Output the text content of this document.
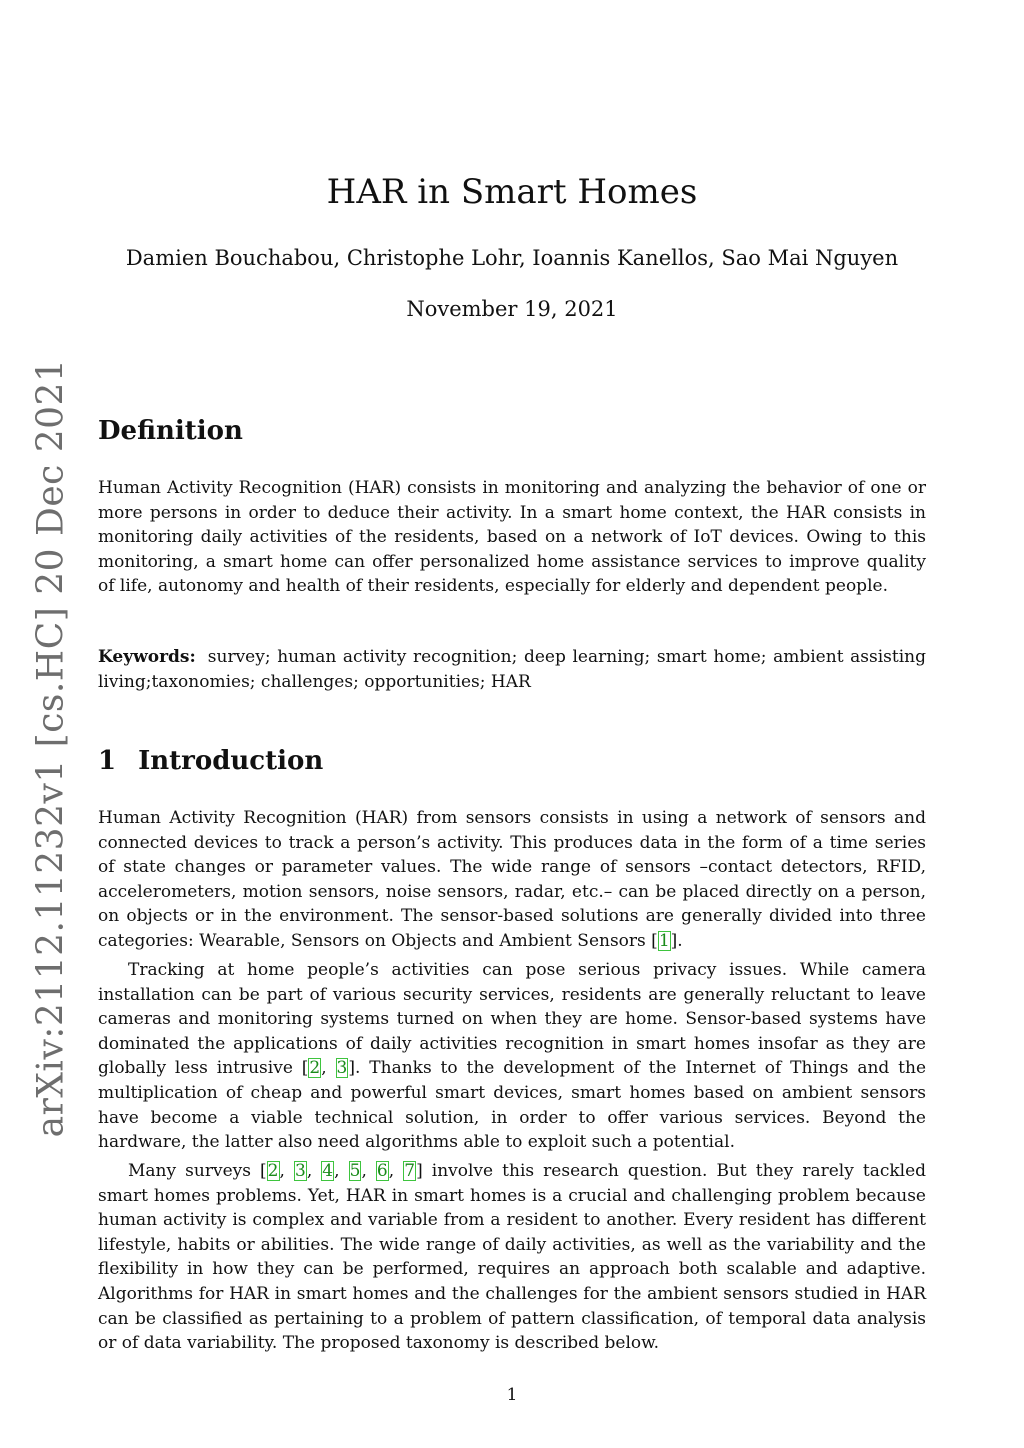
arXiv:2112.11232v1 [cs.HC] 20 Dec 2021
HAR in Smart Homes

Damien Bouchabou, Christophe Lohr, Ioannis Kanellos, Sao Mai Nguyen

November 19, 2021

Definition

Human Activity Recognition (HAR) consists in monitoring and analyzing the behavior of one or more persons in order to deduce their activity. In a smart home context, the HAR consists in monitoring daily activities of the residents, based on a network of IoT devices. Owing to this monitoring, a smart home can offer personalized home assistance services to improve quality of life, autonomy and health of their residents, especially for elderly and dependent people.

Keywords: survey; human activity recognition; deep learning; smart home; ambient assisting living;taxonomies; challenges; opportunities; HAR

1 Introduction

Human Activity Recognition (HAR) from sensors consists in using a network of sensors and connected devices to track a person’s activity. This produces data in the form of a time series of state changes or parameter values. The wide range of sensors –contact detectors, RFID, accelerometers, motion sensors, noise sensors, radar, etc.– can be placed directly on a person, on objects or in the environment. The sensor-based solutions are generally divided into three categories: Wearable, Sensors on Objects and Ambient Sensors [1].

Tracking at home people’s activities can pose serious privacy issues. While camera installation can be part of various security services, residents are generally reluctant to leave cameras and monitoring systems turned on when they are home. Sensor-based systems have dominated the applications of daily activities recognition in smart homes insofar as they are globally less intrusive [2, 3]. Thanks to the development of the Internet of Things and the multiplication of cheap and powerful smart devices, smart homes based on ambient sensors have become a viable technical solution, in order to offer various services. Beyond the hardware, the latter also need algorithms able to exploit such a potential.

Many surveys [2, 3, 4, 5, 6, 7] involve this research question. But they rarely tackled smart homes problems. Yet, HAR in smart homes is a crucial and challenging problem because human activity is complex and variable from a resident to another. Every resident has different lifestyle, habits or abilities. The wide range of daily activities, as well as the variability and the flexibility in how they can be performed, requires an approach both scalable and adaptive. Algorithms for HAR in smart homes and the challenges for the ambient sensors studied in HAR can be classified as pertaining to a problem of pattern classification, of temporal data analysis or of data variability. The proposed taxonomy is described below.

1
